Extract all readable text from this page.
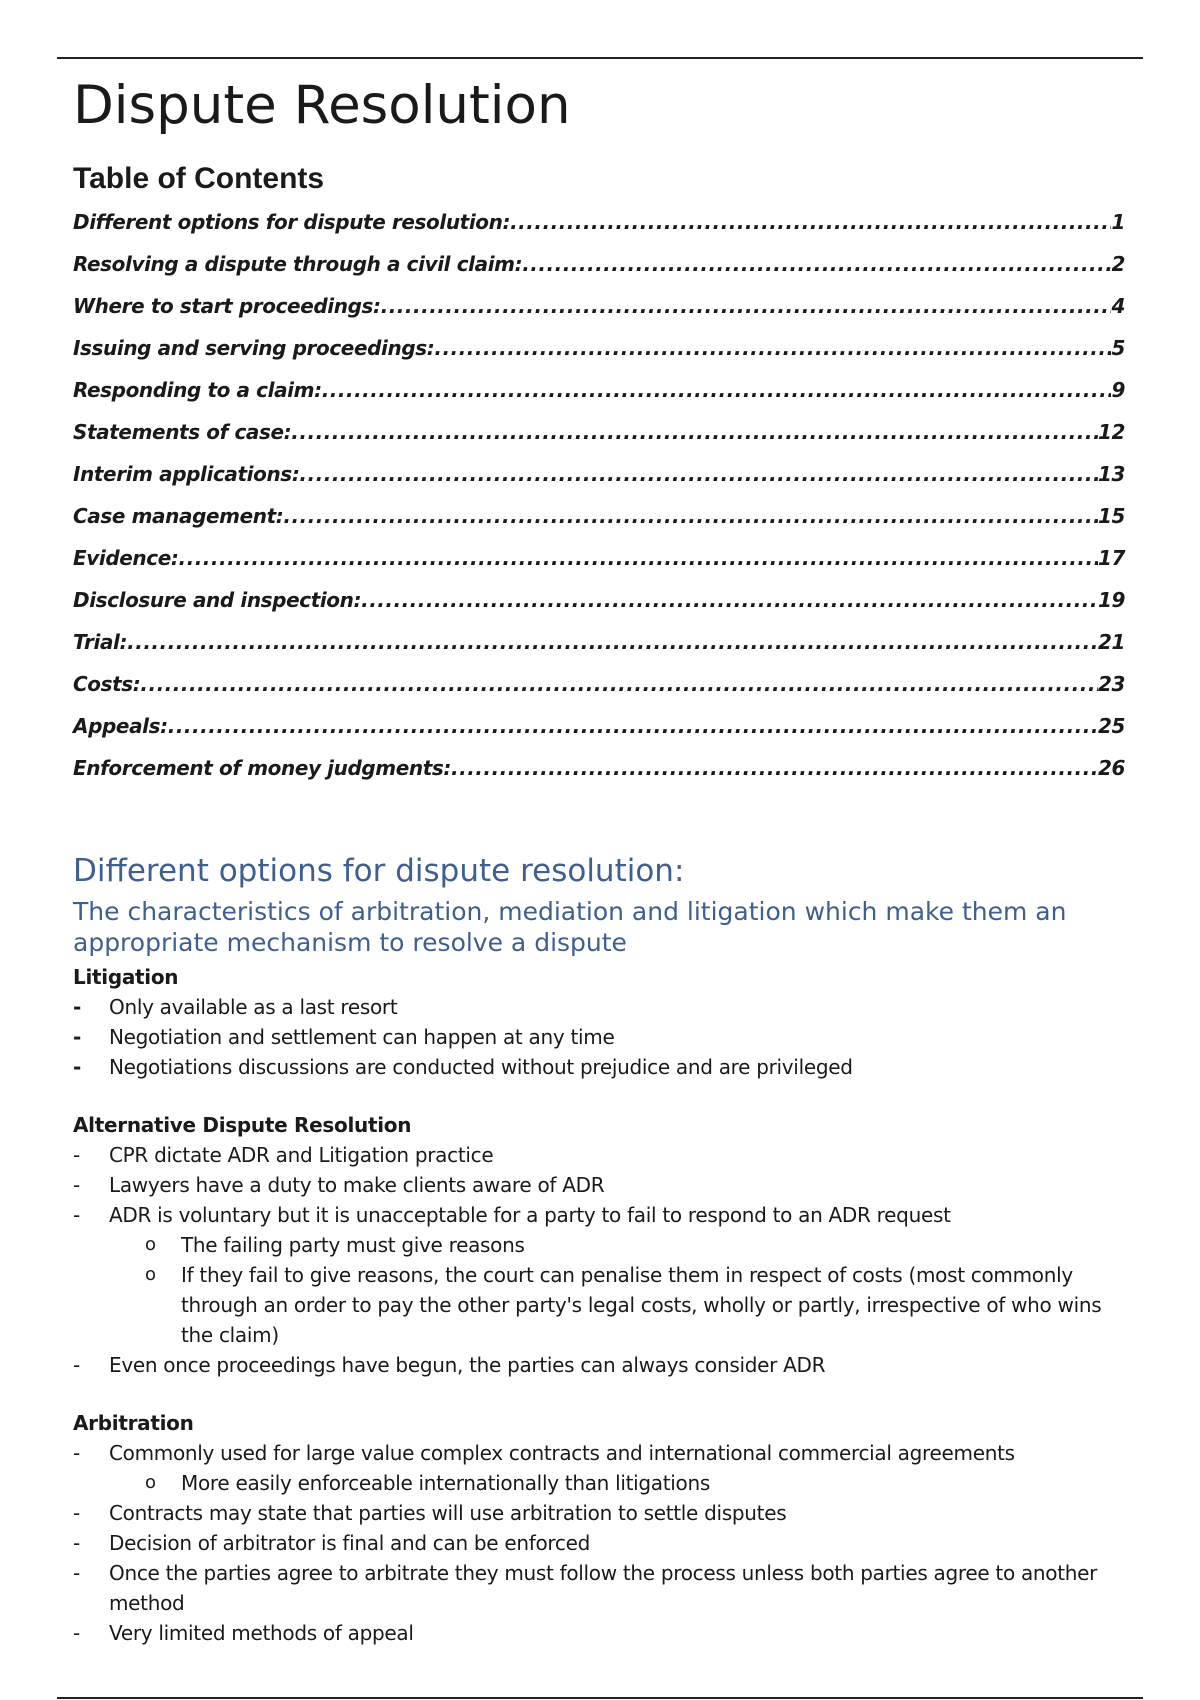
Dispute Resolution
Table of Contents
Different options for dispute resolution: .....	1
Resolving a dispute through a civil claim: .....	2
Where to start proceedings: .....	4
Issuing and serving proceedings: .....	5
Responding to a claim: .....	9
Statements of case: .....	12
Interim applications: .....	13
Case management: .....	15
Evidence: .....	17
Disclosure and inspection: .....	19
Trial: .....	21
Costs: .....	23
Appeals: .....	25
Enforcement of money judgments: .....	26
Different options for dispute resolution:
The characteristics of arbitration, mediation and litigation which make them an appropriate mechanism to resolve a dispute
Litigation
-	Only available as a last resort
-	Negotiation and settlement can happen at any time
-	Negotiations discussions are conducted without prejudice and are privileged
Alternative Dispute Resolution
-	CPR dictate ADR and Litigation practice
-	Lawyers have a duty to make clients aware of ADR
-	ADR is voluntary but it is unacceptable for a party to fail to respond to an ADR request
o	The failing party must give reasons
o	If they fail to give reasons, the court can penalise them in respect of costs (most commonly through an order to pay the other party's legal costs, wholly or partly, irrespective of who wins the claim)
-	Even once proceedings have begun, the parties can always consider ADR
Arbitration
-	Commonly used for large value complex contracts and international commercial agreements
o	More easily enforceable internationally than litigations
-	Contracts may state that parties will use arbitration to settle disputes
-	Decision of arbitrator is final and can be enforced
-	Once the parties agree to arbitrate they must follow the process unless both parties agree to another method
-	Very limited methods of appeal
